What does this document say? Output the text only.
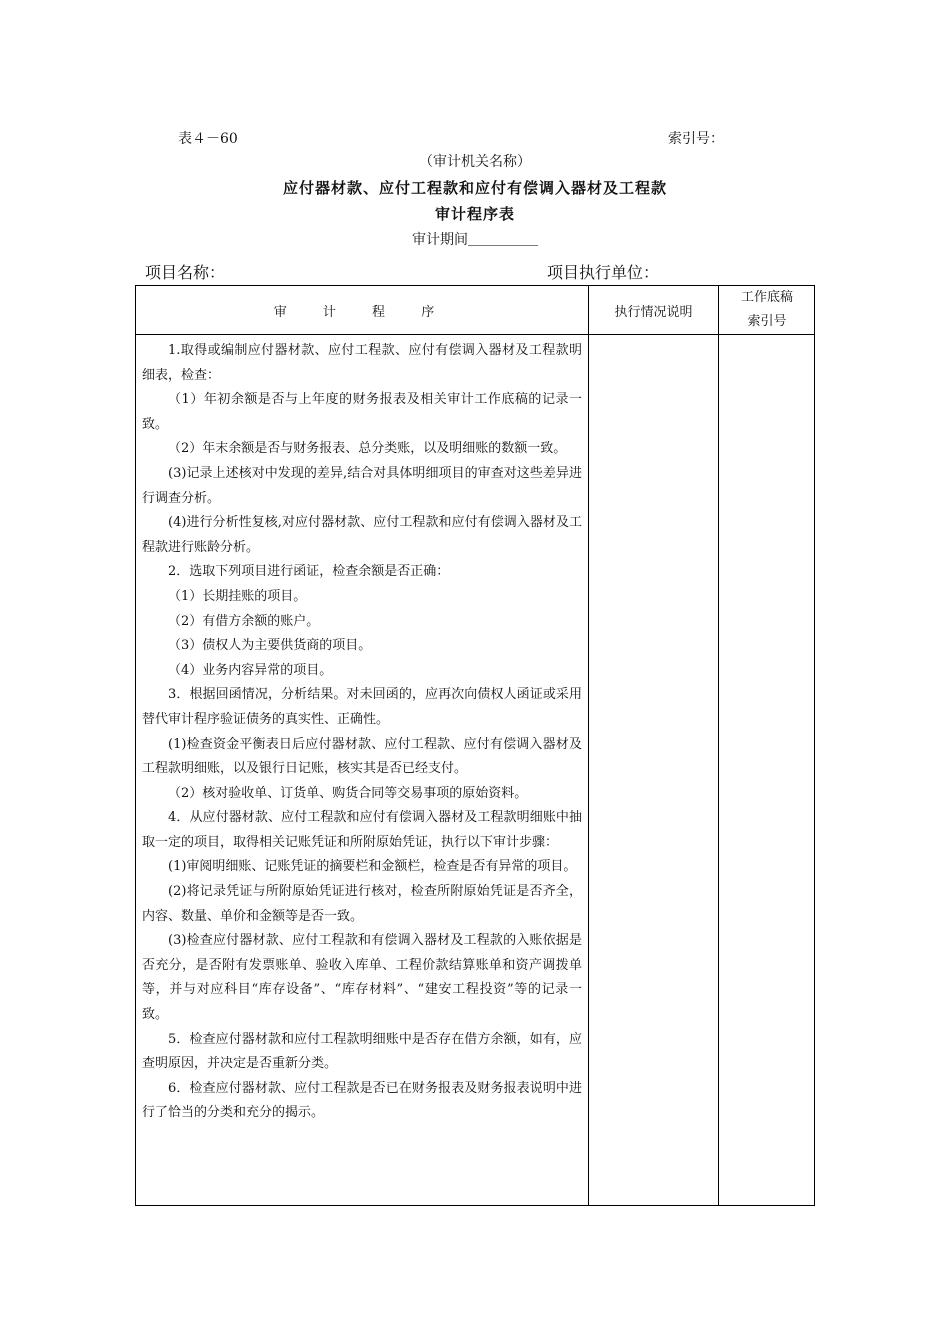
表４－60	索引号：
（审计机关名称）
应付器材款、应付工程款和应付有偿调入器材及工程款
审计程序表
审计期间＿＿＿＿＿
项目名称：	项目执行单位：
审 计 程 序	执行情况说明
工作底稿
索引号

1.取得或编制应付器材款、应付工程款、应付有偿调入器材及工程款明细表，检查：

（1）年初余额是否与上年度的财务报表及相关审计工作底稿的记录一致。

（2）年末余额是否与财务报表、总分类账，以及明细账的数额一致。

(3)记录上述核对中发现的差异,结合对具体明细项目的审查对这些差异进行调查分析。

(4)进行分析性复核,对应付器材款、应付工程款和应付有偿调入器材及工程款进行账龄分析。

2．选取下列项目进行函证，检查余额是否正确：

（1）长期挂账的项目。

（2）有借方余额的账户。

（3）债权人为主要供货商的项目。

（4）业务内容异常的项目。

3．根据回函情况，分析结果。对未回函的，应再次向债权人函证或采用替代审计程序验证债务的真实性、正确性。

(1)检查资金平衡表日后应付器材款、应付工程款、应付有偿调入器材及工程款明细账，以及银行日记账，核实其是否已经支付。

（2）核对验收单、订货单、购货合同等交易事项的原始资料。

4．从应付器材款、应付工程款和应付有偿调入器材及工程款明细账中抽取一定的项目，取得相关记账凭证和所附原始凭证，执行以下审计步骤：

(1)审阅明细账、记账凭证的摘要栏和金额栏，检查是否有异常的项目。

(2)将记录凭证与所附原始凭证进行核对，检查所附原始凭证是否齐全，内容、数量、单价和金额等是否一致。

(3)检查应付器材款、应付工程款和有偿调入器材及工程款的入账依据是否充分，是否附有发票账单、验收入库单、工程价款结算账单和资产调拨单等，并与对应科目“库存设备”、“库存材料”、“建安工程投资”等的记录一致。

5．检查应付器材款和应付工程款明细账中是否存在借方余额，如有，应查明原因，并决定是否重新分类。

6．检查应付器材款、应付工程款是否已在财务报表及财务报表说明中进行了恰当的分类和充分的揭示。
